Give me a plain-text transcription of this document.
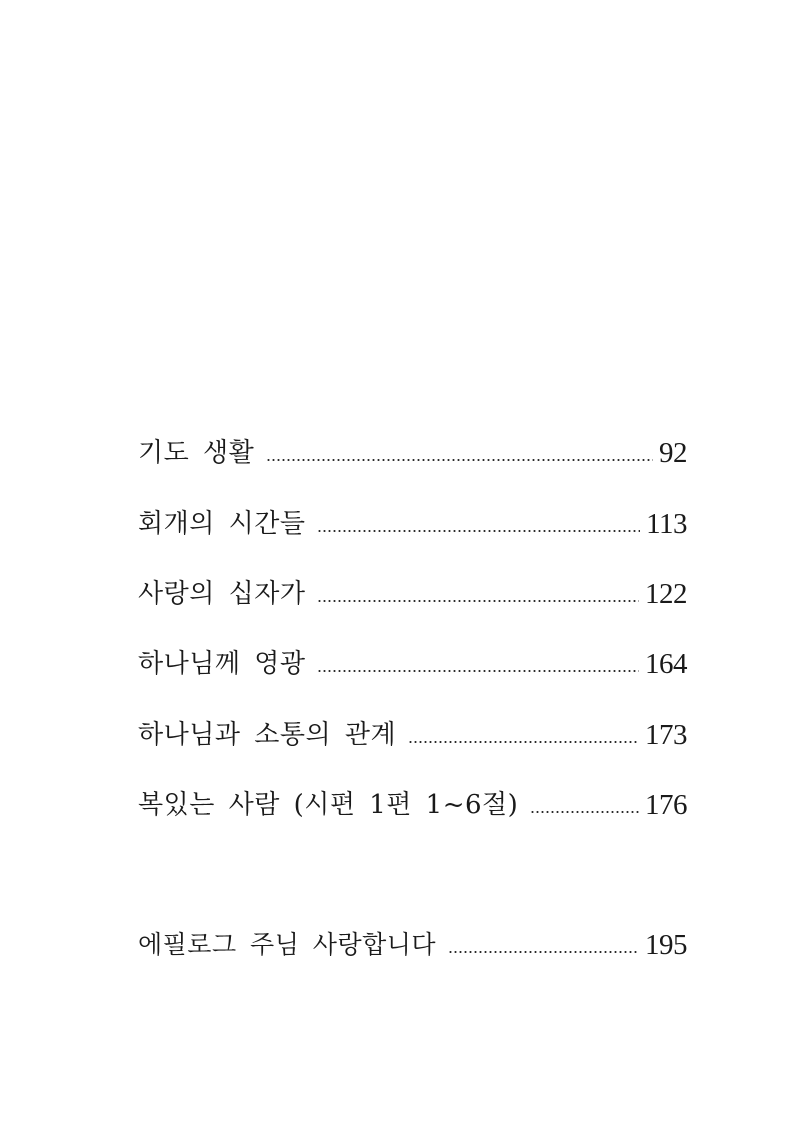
기도 생활	92
회개의 시간들	113
사랑의 십자가	122
하나님께 영광	164
하나님과 소통의 관계	173
복있는 사람 (시편 1편 1~6절)	176
에필로그 주님 사랑합니다	195
